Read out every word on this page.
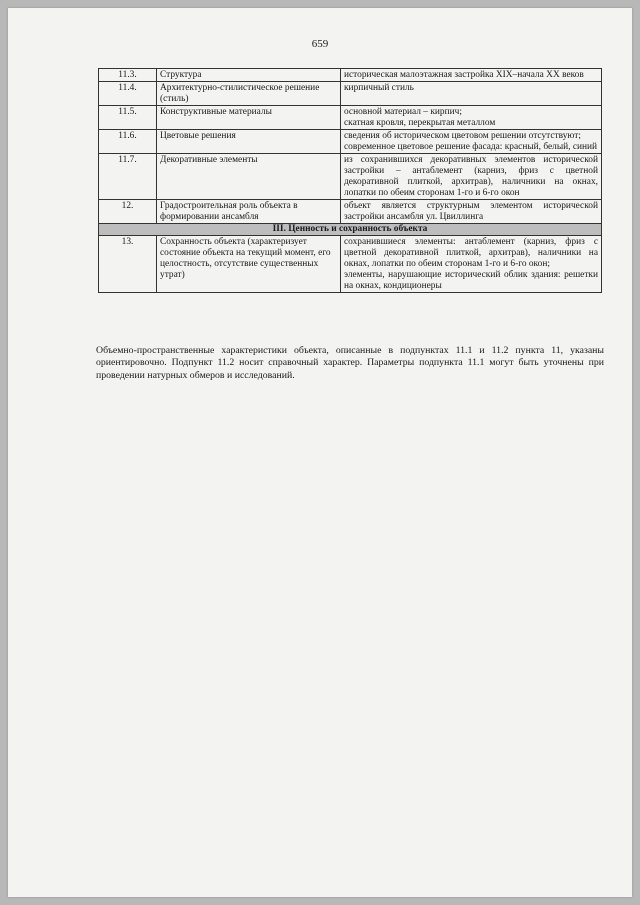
659
11.3.	Структура	историческая малоэтажная застройка XIX–начала XX веков

11.4.	Архитектурно-стилистическое решение (стиль)	кирпичный стиль

11.5.	Конструктивные материалы	основной материал – кирпич;
скатная кровля, перекрытая металлом

11.6.	Цветовые решения	сведения об историческом цветовом решении отсутствуют;
современное цветовое решение фасада: красный, белый, синий

11.7.	Декоративные элементы	из сохранившихся декоративных элементов исторической застройки – антаблемент (карниз, фриз с цветной декоративной плиткой, архитрав), наличники на окнах, лопатки по обеим сторонам 1-го и 6-го окон

12.	Градостроительная роль объекта в формировании ансамбля	объект является структурным элементом исторической застройки ансамбля ул. Цвиллинга

III. Ценность и сохранность объекта		
13.	Сохранность объекта (характеризует состояние объекта на текущий момент, его целостность, отсутствие существенных утрат)	сохранившиеся элементы: антаблемент (карниз, фриз с цветной декоративной плиткой, архитрав), наличники на окнах, лопатки по обеим сторонам 1-го и 6-го окон;
элементы, нарушающие исторический облик здания: решетки на окнах, кондиционеры

Объемно-пространственные характеристики объекта, описанные в подпунктах 11.1 и 11.2 пункта 11, указаны ориентировочно. Подпункт 11.2 носит справочный характер. Параметры подпункта 11.1 могут быть уточнены при проведении натурных обмеров и исследований.
